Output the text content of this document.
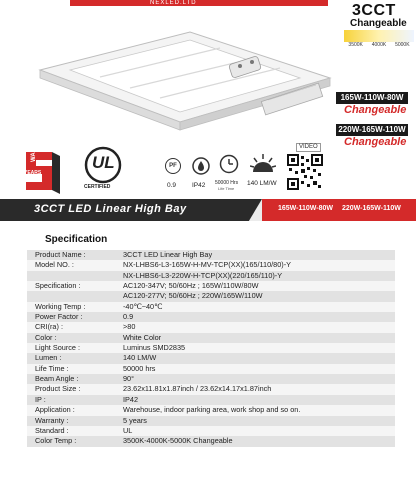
NEXLED.LTD	3CCT
Changeable
3500K 4000K 5000K
165W-110W-80W
Changeable
220W-165W-110W
Changeable
WARRANTY
YEARS
UL
CERTIFIED
PF
0.9 IP42 50000 Hrs
Life Time
140 LM/W
VIDEO
3CCT LED Linear High Bay	165W-110W-80W 220W-165W-110W
Specification
Product Name :	3CCT LED Linear High Bay
Model NO. :	NX-LHBS6-L3-165W-H-MV-TCP(XX)(165/110/80)-Y
NX-LHBS6-L3-220W-H-TCP(XX)(220/165/110)-Y
Specification :	AC120-347V; 50/60Hz ; 165W/110W/80W
AC120-277V; 50/60Hz ; 220W/165W/110W
Working Temp :	-40℃~40℃
Power Factor :	0.9
CRI(ra) :	>80
Color :	White Color
Light Source :	Luminus SMD2835
Lumen :	140 LM/W
Life Time :	50000 hrs
Beam Angle :	90°
Product Size :	23.62x11.81x1.87inch / 23.62x14.17x1.87inch
IP :	IP42
Application :	Warehouse, indoor parking area, work shop and so on.
Warranty :	5 years
Standard :	UL
Color Temp :	3500K-4000K-5000K Changeable
